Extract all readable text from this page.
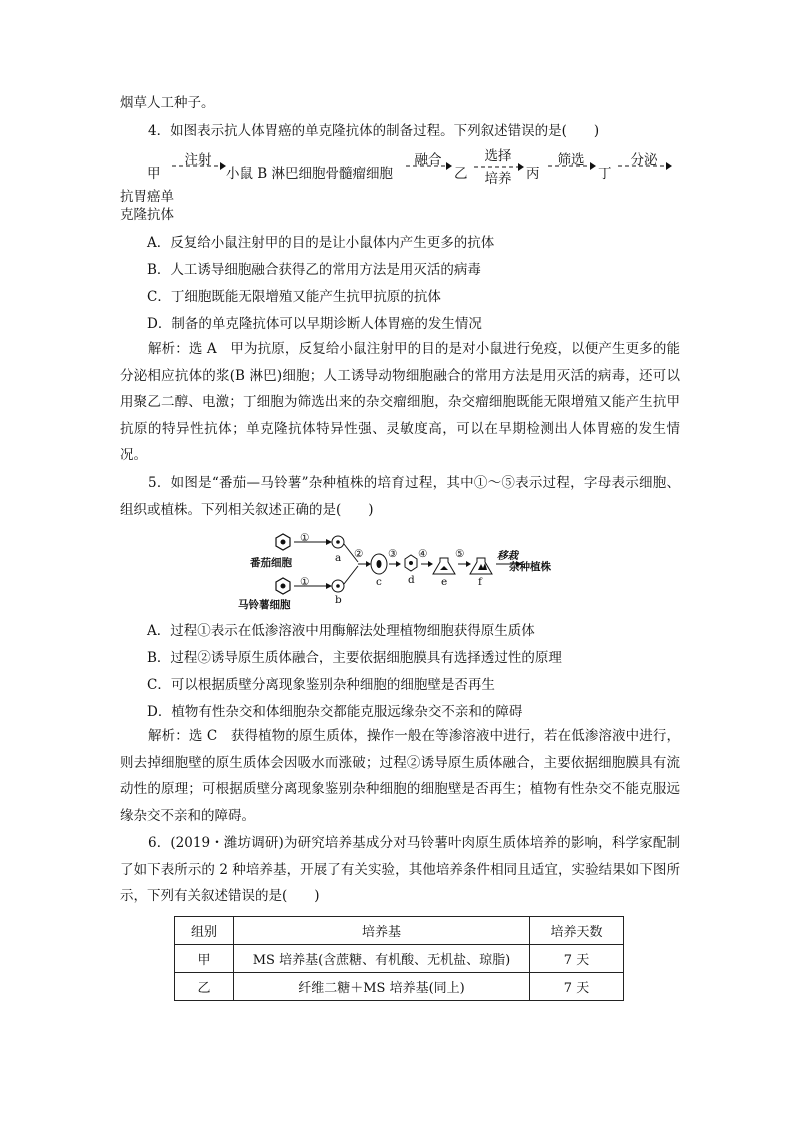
烟草人工种子。
4．如图表示抗人体胃癌的单克隆抗体的制备过程。下列叙述错误的是(　　)
甲
注射
小鼠 B 淋巴细胞骨髓瘤细胞
融合
乙
选择
培养	丙
筛选
丁
分泌
抗胃癌单
克隆抗体
A．反复给小鼠注射甲的目的是让小鼠体内产生更多的抗体
B．人工诱导细胞融合获得乙的常用方法是用灭活的病毒
C．丁细胞既能无限增殖又能产生抗甲抗原的抗体
D．制备的单克隆抗体可以早期诊断人体胃癌的发生情况
解析：选 A　甲为抗原，反复给小鼠注射甲的目的是对小鼠进行免疫，以便产生更多的能分泌相应抗体的浆(B 淋巴)细胞；人工诱导动物细胞融合的常用方法是用灭活的病毒，还可以用聚乙二醇、电激；丁细胞为筛选出来的杂交瘤细胞，杂交瘤细胞既能无限增殖又能产生抗甲抗原的特异性抗体；单克隆抗体特异性强、灵敏度高，可以在早期检测出人体胃癌的发生情况。
5．如图是“番茄—马铃薯”杂种植株的培育过程，其中①～⑤表示过程，字母表示细胞、组织或植株。下列相关叙述正确的是(　　)
①
①
② ③ ④	⑤
a
b
c d	e	f
番茄细胞
马铃薯细胞
移栽
杂种植株
A．过程①表示在低渗溶液中用酶解法处理植物细胞获得原生质体
B．过程②诱导原生质体融合，主要依据细胞膜具有选择透过性的原理
C．可以根据质壁分离现象鉴别杂种细胞的细胞壁是否再生
D．植物有性杂交和体细胞杂交都能克服远缘杂交不亲和的障碍
解析：选 C　获得植物的原生质体，操作一般在等渗溶液中进行，若在低渗溶液中进行，则去掉细胞壁的原生质体会因吸水而涨破；过程②诱导原生质体融合，主要依据细胞膜具有流动性的原理；可根据质壁分离现象鉴别杂种细胞的细胞壁是否再生；植物有性杂交不能克服远缘杂交不亲和的障碍。
6．(2019・潍坊调研)为研究培养基成分对马铃薯叶肉原生质体培养的影响，科学家配制了如下表所示的 2 种培养基，开展了有关实验，其他培养条件相同且适宜，实验结果如下图所示，下列有关叙述错误的是(　　)
组别	培养基	培养天数
甲	MS 培养基(含蔗糖、有机酸、无机盐、琼脂)	7 天
乙	纤维二糖＋MS 培养基(同上)	7 天
